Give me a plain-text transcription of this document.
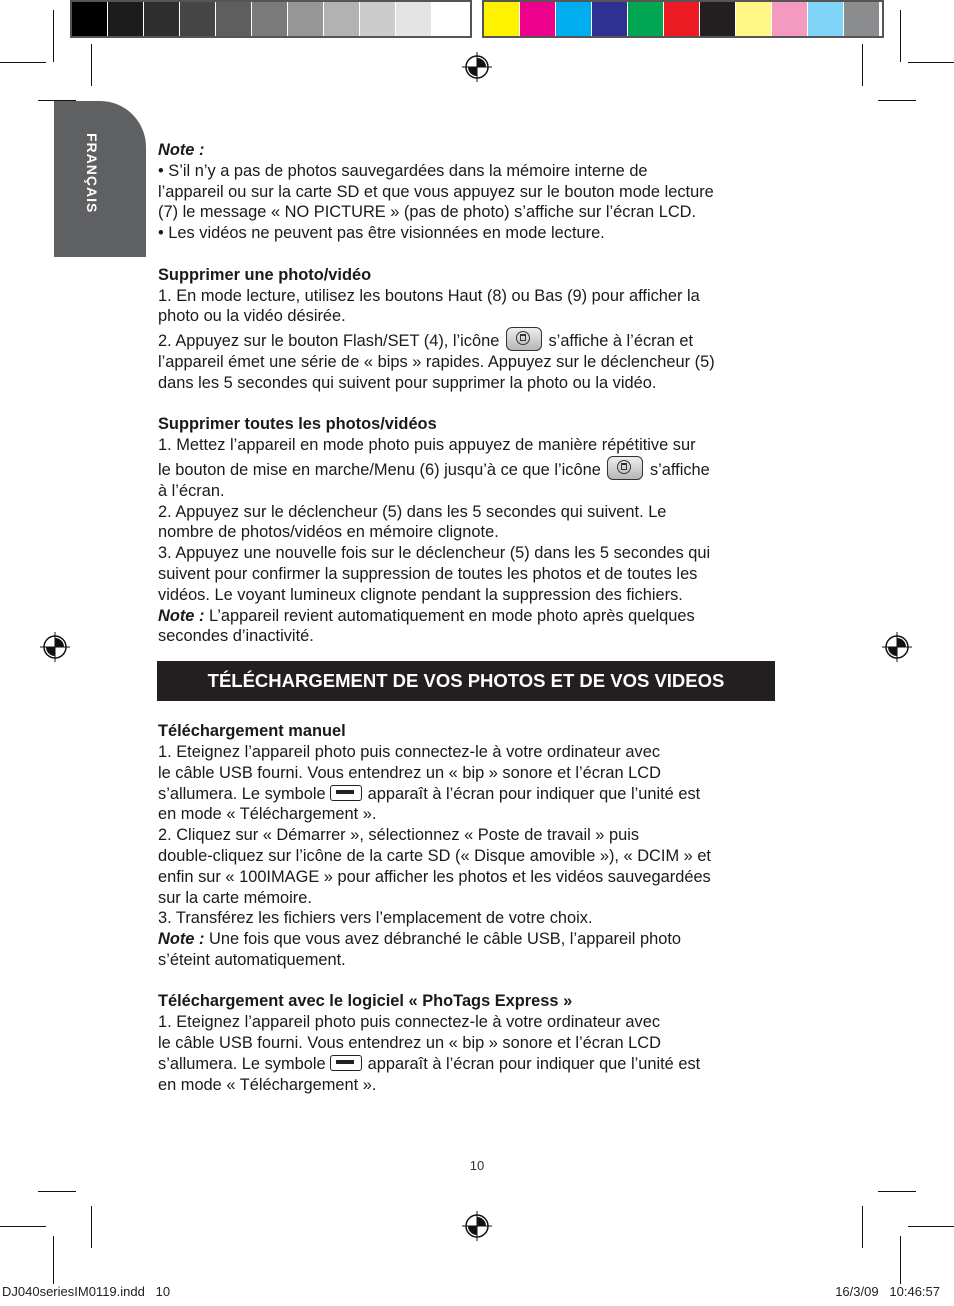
FRANÇAIS	Note :

• S’il n’y a pas de photos sauvegardées dans la mémoire interne de

l’appareil ou sur la carte SD et que vous appuyez sur le bouton mode lecture

(7) le message « NO PICTURE » (pas de photo) s’affiche sur l’écran LCD.

• Les vidéos ne peuvent pas être visionnées en mode lecture.

Supprimer une photo/vidéo

1. En mode lecture, utilisez les boutons Haut (8) ou Bas (9) pour afficher la

photo ou la vidéo désirée.

2. Appuyez sur le bouton Flash/SET (4), l’icône	s’affiche à l’écran et

l’appareil émet une série de « bips » rapides. Appuyez sur le déclencheur (5)

dans les 5 secondes qui suivent pour supprimer la photo ou la vidéo.

Supprimer toutes les photos/vidéos

1. Mettez l’appareil en mode photo puis appuyez de manière répétitive sur

le bouton de mise en marche/Menu (6) jusqu’à ce que l’icône	s’affiche

à l’écran.

2. Appuyez sur le déclencheur (5) dans les 5 secondes qui suivent. Le

nombre de photos/vidéos en mémoire clignote.

3. Appuyez une nouvelle fois sur le déclencheur (5) dans les 5 secondes qui

suivent pour confirmer la suppression de toutes les photos et de toutes les

vidéos. Le voyant lumineux clignote pendant la suppression des fichiers.

Note : L’appareil revient automatiquement en mode photo après quelques

secondes d’inactivité.

TÉLÉCHARGEMENT DE VOS PHOTOS ET DE VOS VIDEOS

Téléchargement manuel

1. Eteignez l’appareil photo puis connectez-le à votre ordinateur avec

le câble USB fourni. Vous entendrez un « bip » sonore et l’écran LCD

s’allumera. Le symbole	apparaît à l’écran pour indiquer que l’unité est

en mode « Téléchargement ».

2. Cliquez sur « Démarrer », sélectionnez « Poste de travail » puis

double-cliquez sur l’icône de la carte SD (« Disque amovible »), « DCIM » et

enfin sur « 100IMAGE » pour afficher les photos et les vidéos sauvegardées

sur la carte mémoire.

3. Transférez les fichiers vers l’emplacement de votre choix.

Note : Une fois que vous avez débranché le câble USB, l’appareil photo

s’éteint automatiquement.

Téléchargement avec le logiciel « PhoTags Express »

1. Eteignez l’appareil photo puis connectez-le à votre ordinateur avec

le câble USB fourni. Vous entendrez un « bip » sonore et l’écran LCD

s’allumera. Le symbole	apparaît à l’écran pour indiquer que l’unité est

en mode « Téléchargement ».

10
DJ040seriesIM0119.indd   10	16/3/09   10:46:57
